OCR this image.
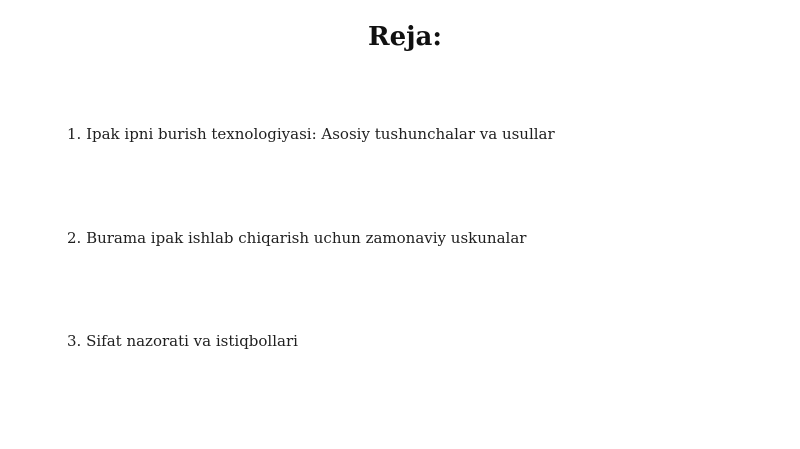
Reja:
1. Ipak ipni burish texnologiyasi: Asosiy tushunchalar va usullar
2. Burama ipak ishlab chiqarish uchun zamonaviy uskunalar
3. Sifat nazorati va istiqbollari
